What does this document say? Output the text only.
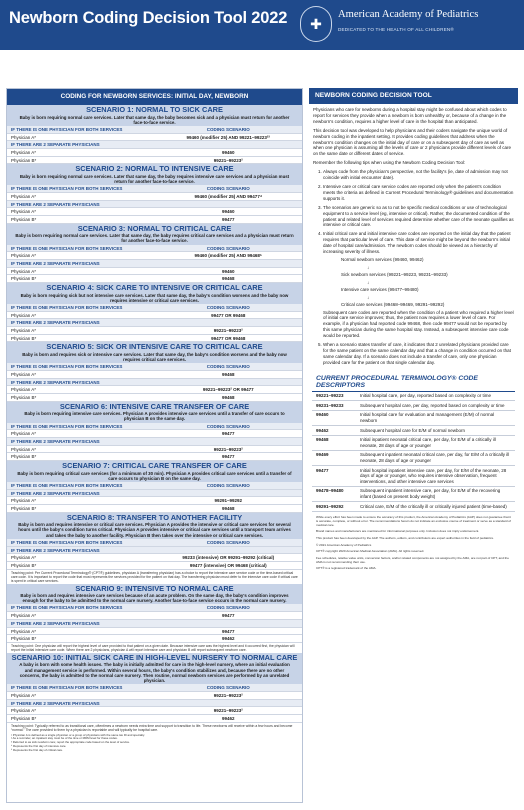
Newborn Coding Decision Tool 2022	✚
American Academy of Pediatrics
DEDICATED TO THE HEALTH OF ALL CHILDREN®
CODING FOR NEWBORN SERVICES: INITIAL DAY, NEWBORN
SCENARIO 1: NORMAL TO SICK CARE
Baby is born requiring normal care services. Later that same day, the baby becomes sick and a physician must return for another face-to-face service.
IF THERE IS ONE PHYSICIAN FOR BOTH SERVICES	CODING SCENARIO
Physician A*	99460 (modifier 25) AND 99221–99223²³
IF THERE ARE 2 SEPARATE PHYSICIANS
Physician A*	99460
Physician B*	99221–99223²
SCENARIO 2: NORMAL TO INTENSIVE CARE
Baby is born requiring normal care services. Later that same day, the baby requires intensive care services and a physician must return for another face-to-face service.
IF THERE IS ONE PHYSICIAN FOR BOTH SERVICES	CODING SCENARIO
Physician A*	99460 (modifier 25) AND 99477⁴
IF THERE ARE 2 SEPARATE PHYSICIANS
Physician A*	99460
Physician B*	99477
SCENARIO 3: NORMAL TO CRITICAL CARE
Baby is born requiring normal care services. Later that same day, the baby requires critical care services and a physician must return for another face-to-face service.
IF THERE IS ONE PHYSICIAN FOR BOTH SERVICES	CODING SCENARIO
Physician A*	99460 (modifier 25) AND 99468⁵
IF THERE ARE 2 SEPARATE PHYSICIANS
Physician A*	99460
Physician B*	99468
SCENARIO 4: SICK CARE TO INTENSIVE OR CRITICAL CARE
Baby is born requiring sick but not intensive care services. Later that same day, the baby's condition worsens and the baby now requires intensive or critical care services.
IF THERE IS ONE PHYSICIAN FOR BOTH SERVICES	CODING SCENARIO
Physician A*	99477 OR 99468
IF THERE ARE 2 SEPARATE PHYSICIANS
Physician A*	99221–99223²
Physician B*	99477 OR 99468
SCENARIO 5: SICK OR INTENSIVE CARE TO CRITICAL CARE
Baby is born and requires sick or intensive care services. Later that same day, the baby's condition worsens and the baby now requires critical care services.
IF THERE IS ONE PHYSICIAN FOR BOTH SERVICES	CODING SCENARIO
Physician A*	99468
IF THERE ARE 2 SEPARATE PHYSICIANS
Physician A*	99221–99223² OR 99477
Physician B*	99468
SCENARIO 6: INTENSIVE CARE TRANSFER OF CARE
Baby is born requiring intensive care services. Physician A provides intensive care services until a transfer of care occurs to physician B on the same day.
IF THERE IS ONE PHYSICIAN FOR BOTH SERVICES	CODING SCENARIO
Physician A*	99477
IF THERE ARE 2 SEPARATE PHYSICIANS
Physician A*	99221–99223²
Physician B*	99477
SCENARIO 7: CRITICAL CARE TRANSFER OF CARE
Baby is born requiring critical care services (for a minimum of 30 min). Physician A provides critical care services until a transfer of care occurs to physician B on the same day.
IF THERE IS ONE PHYSICIAN FOR BOTH SERVICES	CODING SCENARIO
IF THERE ARE 2 SEPARATE PHYSICIANS
Physician A*	99291–99292
Physician B*	99468
SCENARIO 8: TRANSFER TO ANOTHER FACILITY
Baby is born and requires intensive or critical care services. Physician A provides the intensive or critical care services for several hours until the baby's condition turns critical. Physician A provides intensive or critical care services until a transport team arrives and takes the baby to another facility. Physician B then takes over the intensive or critical care services.
IF THERE IS ONE PHYSICIAN FOR BOTH SERVICES	CODING SCENARIO
IF THERE ARE 2 SEPARATE PHYSICIANS
Physician A*	99233 (intensive) OR 99291–99292 (critical)
Physician B*	99477 (intensive) OR 99468 (critical)
Teaching point: Per Current Procedural Terminology® (CPT®) guidelines, physician A (transferring physician) has a choice to report the intensive care service code or the time-based critical care code. It is important to report the code that most represents the services provided for the patient on that day. The transferring physician must defer to the intensive care code if critical care is spent in critical care services.
SCENARIO 9: INTENSIVE TO NORMAL CARE
Baby is born and requires intensive care services because of an acute problem. On the same day, the baby's condition improves enough for the baby to be admitted to the normal care nursery. Another face-to-face service occurs in the normal care nursery.
IF THERE IS ONE PHYSICIAN FOR BOTH SERVICES	CODING SCENARIO
Physician A*	99477
IF THERE ARE 2 SEPARATE PHYSICIANS
Physician A*	99477
Physician B*	99462
Teaching point: One physician will report the highest level of care provided to that patient on a given date. Because intensive care was the highest level and it occurred first, the physician will report the initial intensive care code. When there are 2 physicians, physician A will report intensive care and physician B will report subsequent newborn care.
SCENARIO 10: INITIAL SICK CARE IN HIGH-LEVEL NURSERY TO NORMAL CARE
A baby is born with some health issues. The baby is initially admitted for care in the high-level nursery, where an initial evaluation and management service is performed. Within several hours, the baby's condition stabilizes and, because there are no other concerns, the baby is admitted to the normal care nursery. Then routine, normal newborn services are performed by an unrelated physician.
IF THERE IS ONE PHYSICIAN FOR BOTH SERVICES	CODING SCENARIO
Physician A*	99221–99223²
IF THERE ARE 2 SEPARATE PHYSICIANS
Physician A*	99221–99223²
Physician B*	99462
Teaching point: Typically referred to as transitional care, oftentimes a newborn needs extra time and support to transition to life. These newborns will receive within a few hours and become “normal.” The care provided to them by a physician is reportable and will typically be hospital care.
¹ Physician A is defined as a single physician or a group of physicians with the same tax ID and specialty.
² As a reminder, an inpatient stay must be of the time or MDM level for these codes.
³ Referred to as sick newborn care; report the appropriate code based on the level of service.
⁴ Represents the first day of intensive care.
⁵ Represents the first day of critical care.
NEWBORN CODING DECISION TOOL

Physicians who care for newborns during a hospital stay might be confused about which codes to report for services they provide when a newborn is born unhealthy or, because of a change in the newborn's condition, requires a higher level of care in the hospital than anticipated.

This decision tool was developed to help physicians and their coders navigate the unique world of newborn coding in the inpatient setting. It provides coding guidelines that address when the newborn's condition changes on the initial day of care or on a subsequent day of care as well as when one physician is assuming all the levels of care or 2 physicians provide different levels of care on the same date or different dates of service.

Remember the following tips when using the Newborn Coding Decision Tool:

1. Always code from the physician's perspective, not the facility's (ie, date of admission may not coincide with initial encounter date).
2. Intensive care or critical care service codes are reported only when the patient's condition meets the criteria as defined in Current Procedural Terminology® guidelines and documentation supports it.
3. The scenarios are generic so as to not be specific medical conditions or use of technological equipment to a service level (eg, intensive or critical). Rather, the documented condition of the patient and related level of services required determine whether care of the neonate qualifies as intensive or critical care.
4. Initial critical care and initial intensive care codes are reported on the initial day that the patient requires that particular level of care. This date of service might be beyond the newborn's initial date of hospital care/admission. The newborn codes should be viewed as a hierarchy of increasing severity of illness.
Normal newborn services (99460, 99462)
↓
Sick newborn services (99221–99223, 99231–99233)
↓
Intensive care services (99477–99480)
↓
Critical care services (99468–99469, 99291–99292)
Subsequent care codes are reported when the condition of a patient who required a higher level of initial care service improves; thus, the patient now requires a lower level of care. For example, if a physician had reported code 99468, then code 99477 would not be reported by this same physician during the same hospital stay. Instead, a subsequent intensive care code would be reported.
5. When a scenario states transfer of care, it indicates that 2 unrelated physicians provided care for the same patient on the same calendar day and that a change in condition occurred on that same calendar day. If a scenario does not include a transfer of care, only one physician provided care for the patient on that single calendar day.
CURRENT PROCEDURAL TERMINOLOGY® CODE DESCRIPTORS
99221–99223	Initial hospital care, per day, reported based on complexity or time
99231–99233	Subsequent hospital care, per day, reported based on complexity or time
99460	Initial hospital care for evaluation and management (E/M) of normal newborn
99462	Subsequent hospital care for E/M of normal newborn
99468	Initial inpatient neonatal critical care, per day, for E/M of a critically ill neonate, 28 days of age or younger
99469	Subsequent inpatient neonatal critical care, per day, for E/M of a critically ill neonate, 28 days of age or younger
99477	Initial hospital inpatient intensive care, per day, for E/M of the neonate, 28 days of age or younger, who requires intensive observation, frequent interventions, and other intensive care services
99478–99480	Subsequent inpatient intensive care, per day, for E/M of the recovering infant (based on present body weight)
99291–99292	Critical care, E/M of the critically ill or critically injured patient (time-based)

While every effort has been made to ensure the accuracy of this product, the American Academy of Pediatrics (AAP) does not guarantee that it is accurate, complete, or without error. The recommendations herein do not indicate an exclusive course of treatment or serve as a standard of medical care.

Brand names and manufacturers are mentioned for informational purposes only. Inclusion does not imply endorsement.

This product has been developed by the AAP. The authors, editors, and contributors are expert authorities in the field of pediatrics.

© 2021 American Academy of Pediatrics

CPT® copyright 2020 American Medical Association (AMA). All rights reserved.

Fee schedules, relative value units, conversion factors, and/or related components are not assigned by the AMA, are not part of CPT, and the AMA is not recommending their use.

CPT® is a registered trademark of the AMA.
